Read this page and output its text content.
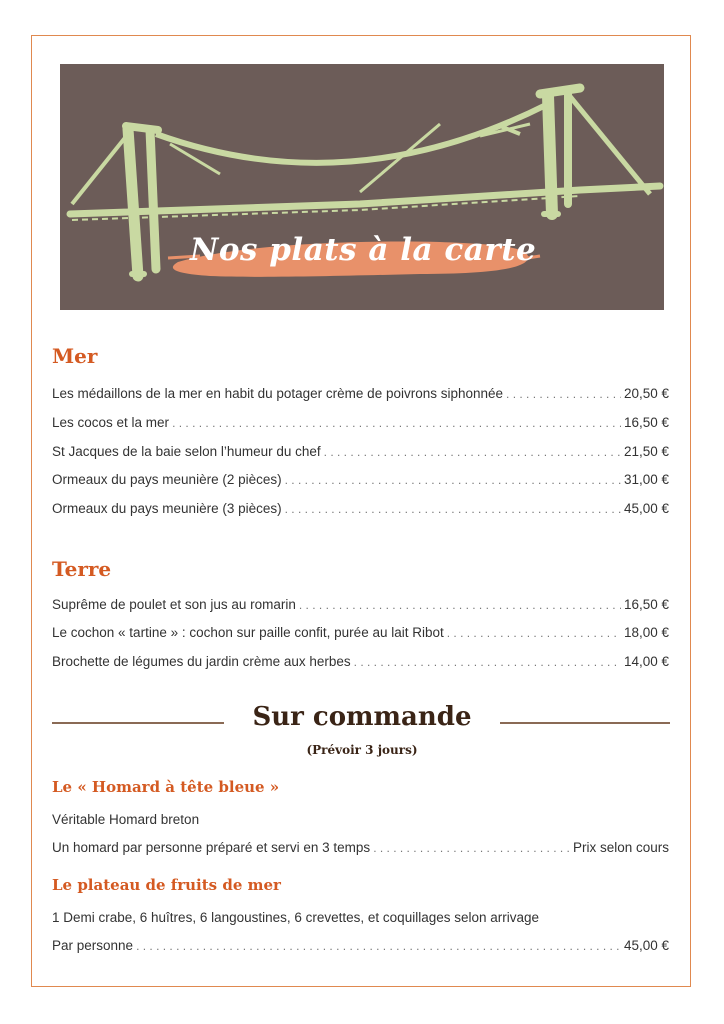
Nos plats à la carte
Mer
Les médaillons de la mer en habit du potager crème de poivrons siphonnée . . .	20,50 €
Les cocos et la mer . . .	16,50 €
St Jacques de la baie selon l’humeur du chef . . .	21,50 €
Ormeaux du pays meunière (2 pièces) . . .	31,00 €
Ormeaux du pays meunière (3 pièces) . . .	45,00 €
Terre
Suprême de poulet et son jus au romarin . . .	16,50 €
Le cochon « tartine » : cochon sur paille confit, purée au lait Ribot . . .	18,00 €
Brochette de légumes du jardin crème aux herbes . . .	14,00 €
Sur commande
(Prévoir 3 jours)
Le « Homard à tête bleue »
Véritable Homard breton
Un homard par personne préparé et servi en 3 temps . . .	Prix selon cours
Le plateau de fruits de mer
1 Demi crabe, 6 huîtres, 6 langoustines, 6 crevettes, et coquillages selon arrivage
Par personne . . .	45,00 €
